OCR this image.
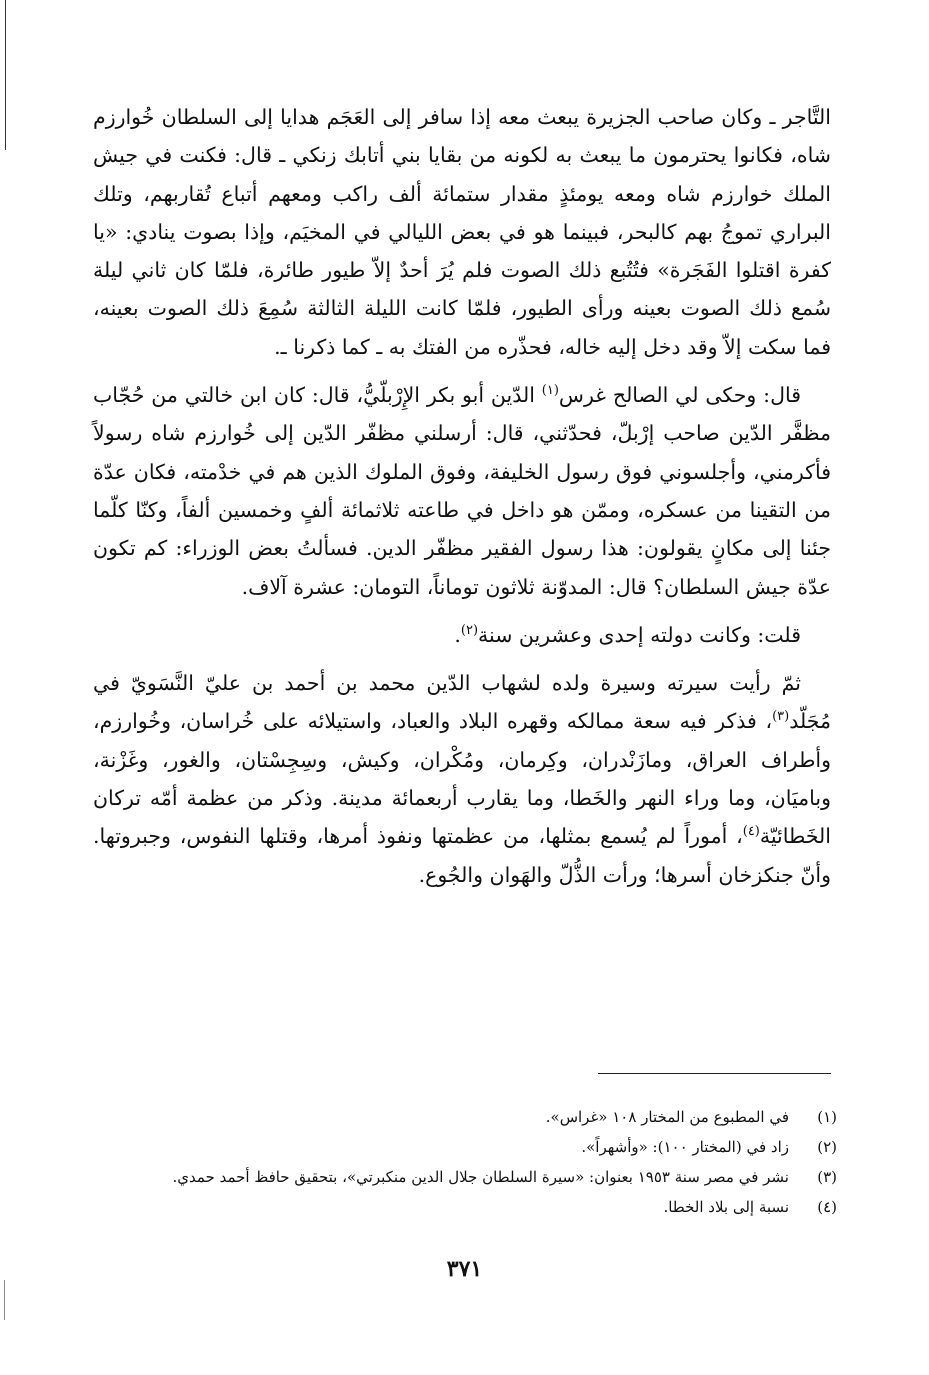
التَّاجر ـ وكان صاحب الجزيرة يبعث معه إذا سافر إلى العَجَم هدايا إلى السلطان خُوارزم شاه، فكانوا يحترمون ما يبعث به لكونه من بقايا بني أتابك زنكي ـ قال: فكنت في جيش الملك خوارزم شاه ومعه يومئذٍ مقدار ستمائة ألف راكب ومعهم أتباع تُقاربهم، وتلك البراري تموجُ بهم كالبحر، فبينما هو في بعض الليالي في المخيَم، وإذا بصوت ينادي: «يا كفرة اقتلوا الفَجَرة» فتُتُبع ذلك الصوت فلم يُرَ أحدٌ إلاّ طيور طائرة، فلمّا كان ثاني ليلة سُمع ذلك الصوت بعينه ورأى الطيور، فلمّا كانت الليلة الثالثة سُمِعَ ذلك الصوت بعينه، فما سكت إلاّ وقد دخل إليه خاله، فحذّره من الفتك به ـ كما ذكرنا ـ.

قال: وحكى لي الصالح غرس$^{(١)}$ الدّين أبو بكر الإِرْبلّيُّ، قال: كان ابن خالتي من حُجّاب مظفَّر الدّين صاحب إرْبلّ، فحدّثني، قال: أرسلني مظفّر الدّين إلى خُوارزم شاه رسولاً فأكرمني، وأجلسوني فوق رسول الخليفة، وفوق الملوك الذين هم في خدْمته، فكان عدّة من التقينا من عسكره، وممّن هو داخل في طاعته ثلاثمائة ألفٍ وخمسين ألفاً، وكنّا كلّما جئنا إلى مكانٍ يقولون: هذا رسول الفقير مظفّر الدين. فسألتُ بعض الوزراء: كم تكون عدّة جيش السلطان؟ قال: المدوّنة ثلاثون توماناً، التومان: عشرة آلاف.

قلت: وكانت دولته إحدى وعشرين سنة$^{(٢)}$.

ثمّ رأيت سيرته وسيرة ولده لشهاب الدّين محمد بن أحمد بن عليّ النَّسَويّ في مُجَلّد$^{(٣)}$، فذكر فيه سعة ممالكه وقهره البلاد والعباد، واستيلائه على خُراسان، وخُوارزم، وأطراف العراق، ومازَنْدران، وكِرمان، ومُكْران، وكيش، وسِجِسْتان، والغور، وغَزْنة، وباميَان، وما وراء النهر والخَطا، وما يقارب أربعمائة مدينة. وذكر من عظمة أمّه تركان الخَطائيّة$^{(٤)}$، أموراً لم يُسمع بمثلها، من عظمتها ونفوذ أمرها، وقتلها النفوس، وجبروتها. وأنّ جنكزخان أسرها؛ ورأت الذُّلّ والهَوان والجُوع.

(١)
في المطبوع من المختار ١٠٨ «غراس».
(٢)
زاد في (المختار ١٠٠): «وأشهراً».
(٣)
نشر في مصر سنة ١٩٥٣ بعنوان: «سيرة السلطان جلال الدين منكبرتي»، بتحقيق حافظ أحمد حمدي.
(٤)
نسبة إلى بلاد الخطا.
٣٧١
